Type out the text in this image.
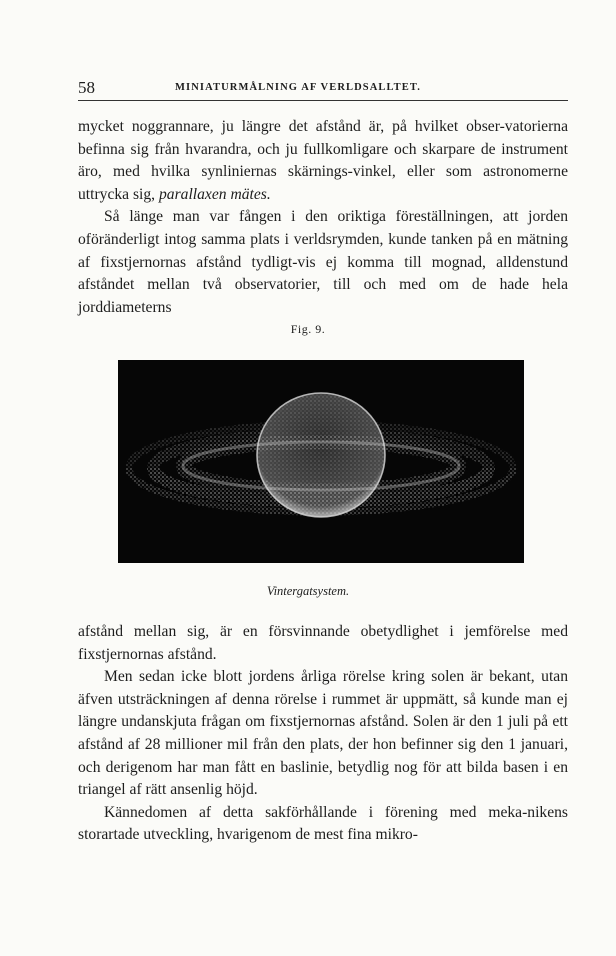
58	MINIATURMÅLNING AF VERLDSALLTET.

mycket noggrannare, ju längre det afstånd är, på hvilket obser-vatorierna befinna sig från hvarandra, och ju fullkomligare och skarpare de instrument äro, med hvilka synliniernas skärnings-vinkel, eller som astronomerne uttrycka sig, parallaxen mätes.

Så länge man var fången i den oriktiga föreställningen, att jorden oföränderligt intog samma plats i verldsrymden, kunde tanken på en mätning af fixstjernornas afstånd tydligt-vis ej komma till mognad, alldenstund afståndet mellan två observatorier, till och med om de hade hela jorddiameterns

Fig. 9.
Vintergatsystem.

afstånd mellan sig, är en försvinnande obetydlighet i jemförelse med fixstjernornas afstånd.

Men sedan icke blott jordens årliga rörelse kring solen är bekant, utan äfven utsträckningen af denna rörelse i rummet är uppmätt, så kunde man ej längre undanskjuta frågan om fixstjernornas afstånd. Solen är den 1 juli på ett afstånd af 28 millioner mil från den plats, der hon befinner sig den 1 januari, och derigenom har man fått en baslinie, betydlig nog för att bilda basen i en triangel af rätt ansenlig höjd.

Kännedomen af detta sakförhållande i förening med meka-nikens storartade utveckling, hvarigenom de mest fina mikro-
